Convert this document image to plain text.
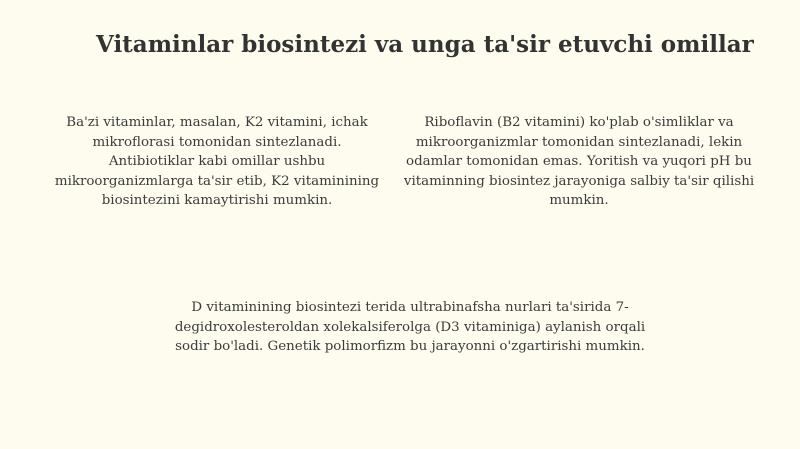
Vitaminlar biosintezi va unga ta'sir etuvchi omillar

Ba'zi vitaminlar, masalan, K2 vitamini, ichak mikroflorasi tomonidan sintezlanadi. Antibiotiklar kabi omillar ushbu mikroorganizmlarga ta'sir etib, K2 vitaminining biosintezini kamaytirishi mumkin.

Riboflavin (B2 vitamini) ko'plab o'simliklar va mikroorganizmlar tomonidan sintezlanadi, lekin odamlar tomonidan emas. Yoritish va yuqori pH bu vitaminning biosintez jarayoniga salbiy ta'sir qilishi mumkin.

D vitaminining biosintezi terida ultrabinafsha nurlari ta'sirida 7-degidroxolesteroldan xolekalsiferolga (D3 vitaminiga) aylanish orqali sodir bo'ladi. Genetik polimorfizm bu jarayonni o'zgartirishi mumkin.
